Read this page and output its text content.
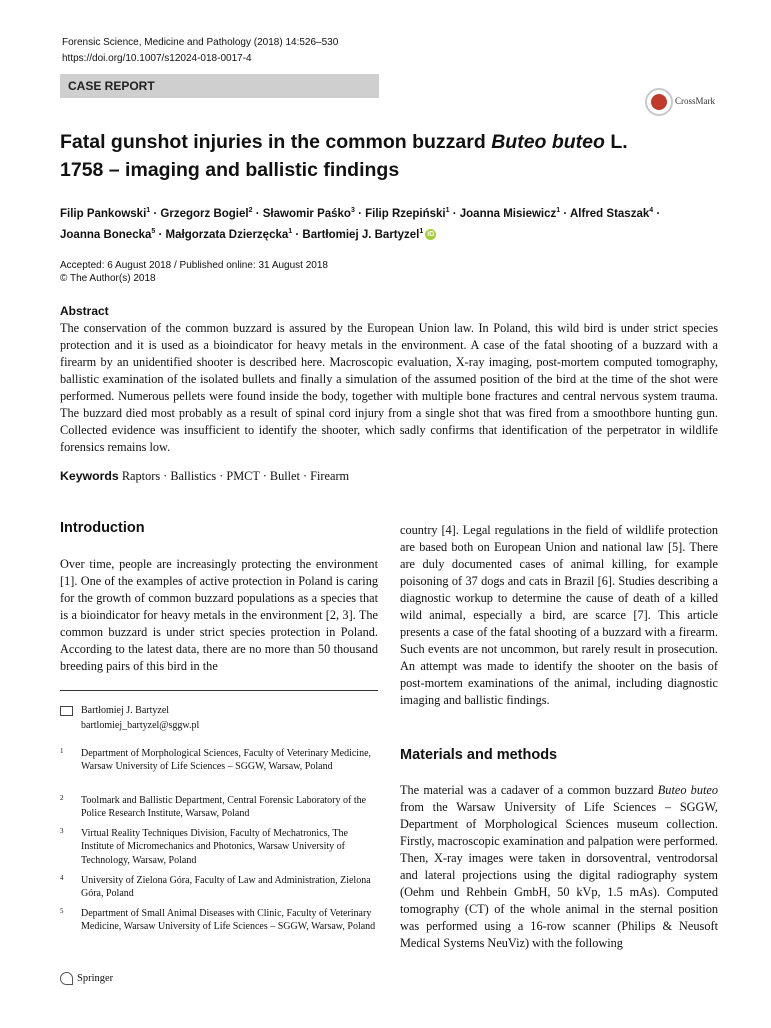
Forensic Science, Medicine and Pathology (2018) 14:526–530
https://doi.org/10.1007/s12024-018-0017-4
CASE REPORT
CrossMark
Fatal gunshot injuries in the common buzzard Buteo buteo L.
1758 – imaging and ballistic findings
Filip Pankowski$^1$ · Grzegorz Bogiel$^2$ · Sławomir Paśko$^3$ · Filip Rzepiński$^1$ · Joanna Misiewicz$^1$ · Alfred Staszak$^4$ ·
Joanna Bonecka$^5$ · Małgorzata Dzierzęcka$^1$ · Bartłomiej J. Bartyzel$^1$ iD
Accepted: 6 August 2018 / Published online: 31 August 2018
© The Author(s) 2018
Abstract
The conservation of the common buzzard is assured by the European Union law. In Poland, this wild bird is under strict species protection and it is used as a bioindicator for heavy metals in the environment. A case of the fatal shooting of a buzzard with a firearm by an unidentified shooter is described here. Macroscopic evaluation, X-ray imaging, post-mortem computed tomography, ballistic examination of the isolated bullets and finally a simulation of the assumed position of the bird at the time of the shot were performed. Numerous pellets were found inside the body, together with multiple bone fractures and central nervous system trauma. The buzzard died most probably as a result of spinal cord injury from a single shot that was fired from a smoothbore hunting gun. Collected evidence was insufficient to identify the shooter, which sadly confirms that identification of the perpetrator in wildlife forensics remains low.
Keywords Raptors · Ballistics · PMCT · Bullet · Firearm
Introduction
Over time, people are increasingly protecting the environment [1]. One of the examples of active protection in Poland is caring for the growth of common buzzard populations as a species that is a bioindicator for heavy metals in the environment [2, 3]. The common buzzard is under strict species protection in Poland. According to the latest data, there are no more than 50 thousand breeding pairs of this bird in the
Bartłomiej J. Bartyzel
bartlomiej_bartyzel@sggw.pl
1 Department of Morphological Sciences, Faculty of Veterinary Medicine, Warsaw University of Life Sciences – SGGW, Warsaw, Poland
2 Toolmark and Ballistic Department, Central Forensic Laboratory of the Police Research Institute, Warsaw, Poland
3 Virtual Reality Techniques Division, Faculty of Mechatronics, The Institute of Micromechanics and Photonics, Warsaw University of Technology, Warsaw, Poland
4 University of Zielona Góra, Faculty of Law and Administration, Zielona Góra, Poland
5 Department of Small Animal Diseases with Clinic, Faculty of Veterinary Medicine, Warsaw University of Life Sciences – SGGW, Warsaw, Poland
country [4]. Legal regulations in the field of wildlife protection are based both on European Union and national law [5]. There are duly documented cases of animal killing, for example poisoning of 37 dogs and cats in Brazil [6]. Studies describing a diagnostic workup to determine the cause of death of a killed wild animal, especially a bird, are scarce [7]. This article presents a case of the fatal shooting of a buzzard with a firearm. Such events are not uncommon, but rarely result in prosecution. An attempt was made to identify the shooter on the basis of post-mortem examinations of the animal, including diagnostic imaging and ballistic findings.
Materials and methods
The material was a cadaver of a common buzzard Buteo buteo from the Warsaw University of Life Sciences – SGGW, Department of Morphological Sciences museum collection. Firstly, macroscopic examination and palpation were performed. Then, X-ray images were taken in dorsoventral, ventrodorsal and lateral projections using the digital radiography system (Oehm und Rehbein GmbH, 50 kVp, 1.5 mAs). Computed tomography (CT) of the whole animal in the sternal position was performed using a 16-row scanner (Philips & Neusoft Medical Systems NeuViz) with the following
Springer
